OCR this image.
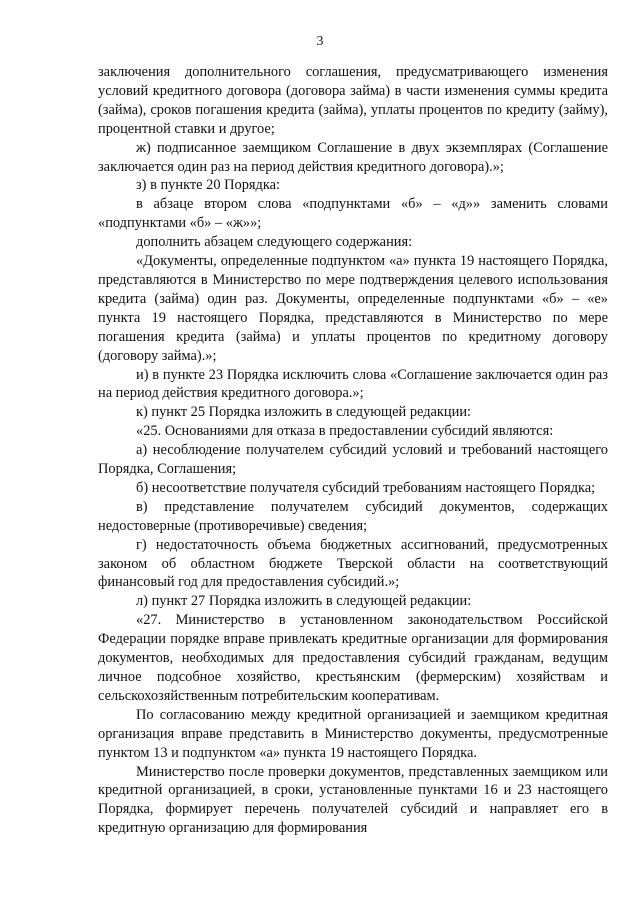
3

заключения дополнительного соглашения, предусматривающего изменения условий кредитного договора (договора займа) в части изменения суммы кредита (займа), сроков погашения кредита (займа), уплаты процентов по кредиту (займу), процентной ставки и другое;

ж) подписанное заемщиком Соглашение в двух экземплярах (Соглашение заключается один раз на период действия кредитного договора).»;

з) в пункте 20 Порядка:

в абзаце втором слова «подпунктами «б» – «д»» заменить словами «подпунктами «б» – «ж»»;

дополнить абзацем следующего содержания:

«Документы, определенные подпунктом «а» пункта 19 настоящего Порядка, представляются в Министерство по мере подтверждения целевого использования кредита (займа) один раз. Документы, определенные подпунктами «б» – «е» пункта 19 настоящего Порядка, представляются в Министерство по мере погашения кредита (займа) и уплаты процентов по кредитному договору (договору займа).»;

и) в пункте 23 Порядка исключить слова «Соглашение заключается один раз на период действия кредитного договора.»;

к) пункт 25 Порядка изложить в следующей редакции:

«25. Основаниями для отказа в предоставлении субсидий являются:

а) несоблюдение получателем субсидий условий и требований настоящего Порядка, Соглашения;

б) несоответствие получателя субсидий требованиям настоящего Порядка;

в) представление получателем субсидий документов, содержащих недостоверные (противоречивые) сведения;

г) недостаточность объема бюджетных ассигнований, предусмотренных законом об областном бюджете Тверской области на соответствующий финансовый год для предоставления субсидий.»;

л) пункт 27 Порядка изложить в следующей редакции:

«27. Министерство в установленном законодательством Российской Федерации порядке вправе привлекать кредитные организации для формирования документов, необходимых для предоставления субсидий гражданам, ведущим личное подсобное хозяйство, крестьянским (фермерским) хозяйствам и сельскохозяйственным потребительским кооперативам.

По согласованию между кредитной организацией и заемщиком кредитная организация вправе представить в Министерство документы, предусмотренные пунктом 13 и подпунктом «а» пункта 19 настоящего Порядка.

Министерство после проверки документов, представленных заемщиком или кредитной организацией, в сроки, установленные пунктами 16 и 23 настоящего Порядка, формирует перечень получателей субсидий и направляет его в кредитную организацию для формирования
